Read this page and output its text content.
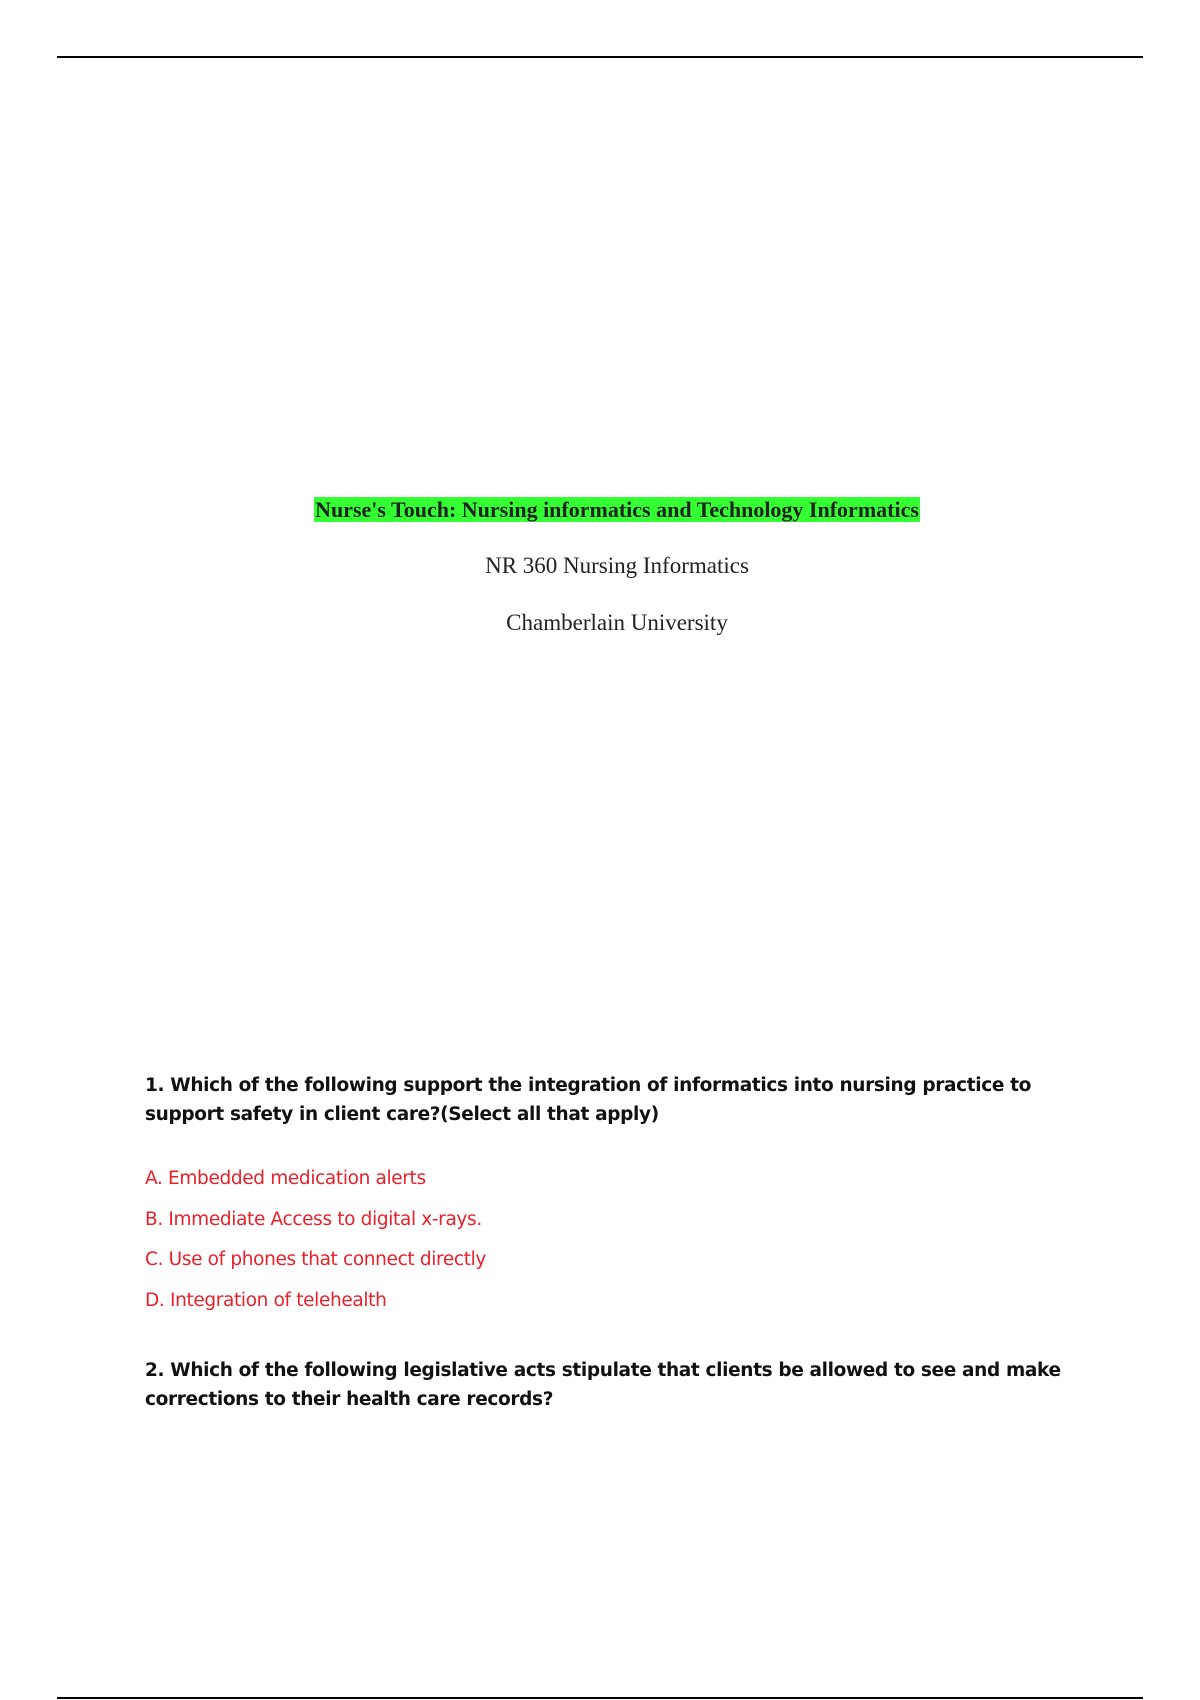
Nurse's Touch: Nursing informatics and Technology Informatics
NR 360 Nursing Informatics
Chamberlain University
1. Which of the following support the integration of informatics into nursing practice to support safety in client care?(Select all that apply)
A. Embedded medication alerts
B. Immediate Access to digital x-rays.
C. Use of phones that connect directly
D. Integration of telehealth
2. Which of the following legislative acts stipulate that clients be allowed to see and make corrections to their health care records?
